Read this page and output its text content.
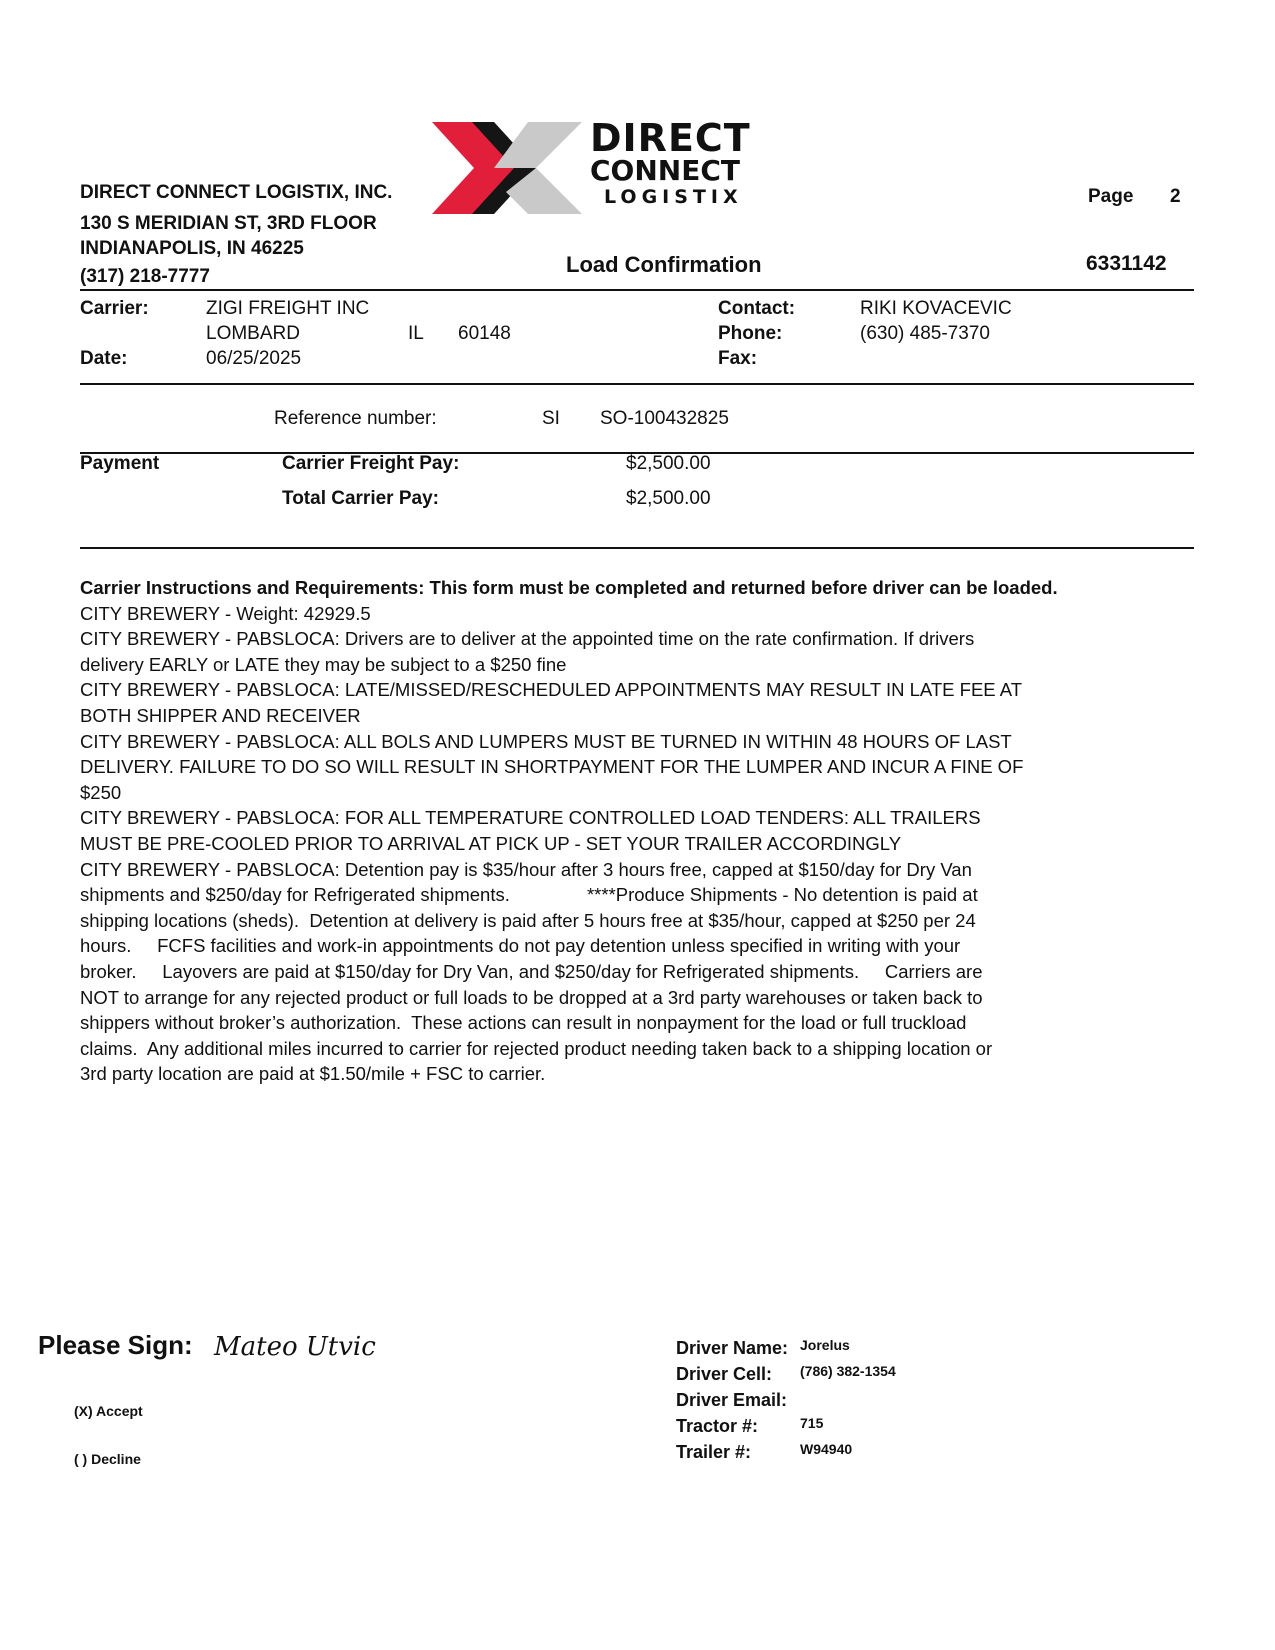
DIRECT
CONNECT
LOGISTIX
DIRECT CONNECT LOGISTIX, INC.
130 S MERIDIAN ST, 3RD FLOOR
INDIANAPOLIS, IN 46225
(317) 218-7777
Page 2
Load Confirmation	6331142
Carrier:	ZIGI FREIGHT INC
LOMBARD	IL 60148
Date:	06/25/2025
Contact:	RIKI KOVACEVIC
Phone:	(630) 485-7370
Fax:
Reference number:	SI SO-100432825
Payment	Carrier Freight Pay:	$2,500.00
Total Carrier Pay:	$2,500.00
Carrier Instructions and Requirements: This form must be completed and returned before driver can be loaded.
CITY BREWERY - Weight: 42929.5
CITY BREWERY - PABSLOCA: Drivers are to deliver at the appointed time on the rate confirmation. If drivers
delivery EARLY or LATE they may be subject to a $250 fine
CITY BREWERY - PABSLOCA: LATE/MISSED/RESCHEDULED APPOINTMENTS MAY RESULT IN LATE FEE AT
BOTH SHIPPER AND RECEIVER
CITY BREWERY - PABSLOCA: ALL BOLS AND LUMPERS MUST BE TURNED IN WITHIN 48 HOURS OF LAST
DELIVERY. FAILURE TO DO SO WILL RESULT IN SHORTPAYMENT FOR THE LUMPER AND INCUR A FINE OF
$250
CITY BREWERY - PABSLOCA: FOR ALL TEMPERATURE CONTROLLED LOAD TENDERS: ALL TRAILERS
MUST BE PRE-COOLED PRIOR TO ARRIVAL AT PICK UP - SET YOUR TRAILER ACCORDINGLY
CITY BREWERY - PABSLOCA: Detention pay is $35/hour after 3 hours free, capped at $150/day for Dry Van
shipments and $250/day for Refrigerated shipments.               ****Produce Shipments - No detention is paid at
shipping locations (sheds).  Detention at delivery is paid after 5 hours free at $35/hour, capped at $250 per 24
hours.     FCFS facilities and work-in appointments do not pay detention unless specified in writing with your
broker.     Layovers are paid at $150/day for Dry Van, and $250/day for Refrigerated shipments.     Carriers are
NOT to arrange for any rejected product or full loads to be dropped at a 3rd party warehouses or taken back to
shippers without broker’s authorization.  These actions can result in nonpayment for the load or full truckload
claims.  Any additional miles incurred to carrier for rejected product needing taken back to a shipping location or
3rd party location are paid at $1.50/mile + FSC to carrier.
Please Sign: Mateo Utvic
(X) Accept
( ) Decline
Driver Name: Jorelus
Driver Cell: (786) 382-1354
Driver Email:
Tractor #:	715
Trailer #:	W94940
